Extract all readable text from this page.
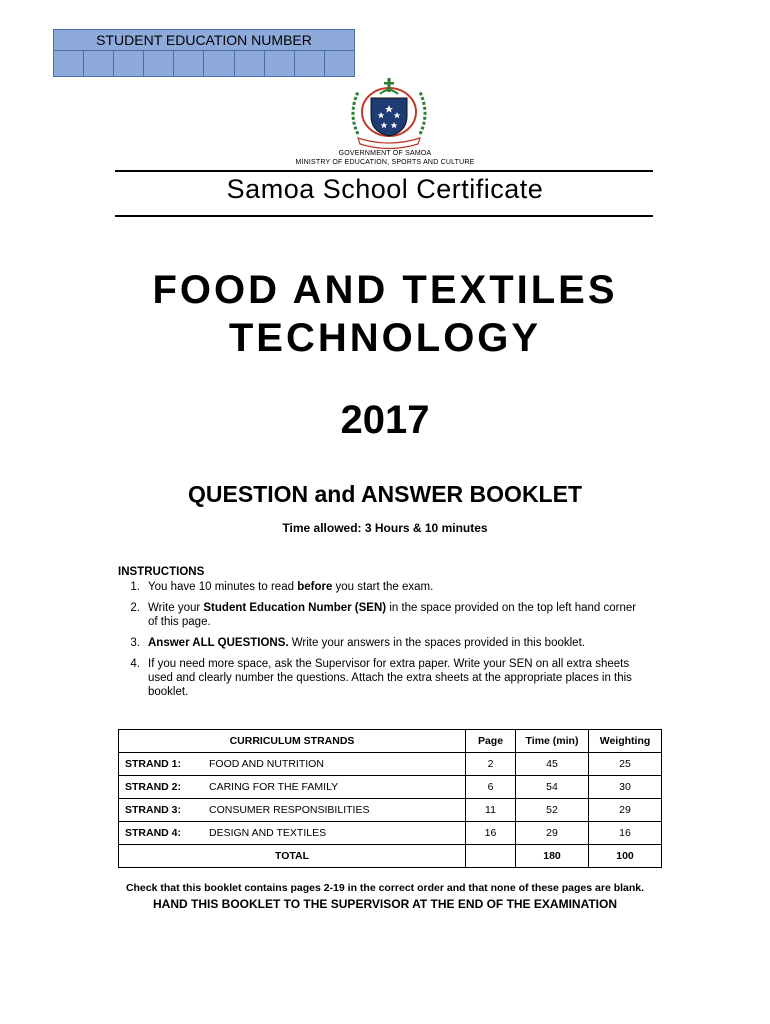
STUDENT EDUCATION NUMBER
GOVERNMENT OF SAMOA
MINISTRY OF EDUCATION, SPORTS AND CULTURE
Samoa School Certificate
FOOD AND TEXTILES
TECHNOLOGY
2017
QUESTION and ANSWER BOOKLET
Time allowed: 3 Hours & 10 minutes
INSTRUCTIONS
1. You have 10 minutes to read before you start the exam.
2. Write your Student Education Number (SEN) in the space provided on the top left hand corner of this page.
3. Answer ALL QUESTIONS. Write your answers in the spaces provided in this booklet.
4. If you need more space, ask the Supervisor for extra paper. Write your SEN on all extra sheets used and clearly number the questions. Attach the extra sheets at the appropriate places in this booklet.
CURRICULUM STRANDS		Page	Time (min)	Weighting
STRAND 1:	FOOD AND NUTRITION	2	45	25
STRAND 2:	CARING FOR THE FAMILY	6	54	30
STRAND 3:	CONSUMER RESPONSIBILITIES	11	52	29
STRAND 4:	DESIGN AND TEXTILES	16	29	16
TOTAL			180	100
Check that this booklet contains pages 2-19 in the correct order and that none of these pages are blank.
HAND THIS BOOKLET TO THE SUPERVISOR AT THE END OF THE EXAMINATION
